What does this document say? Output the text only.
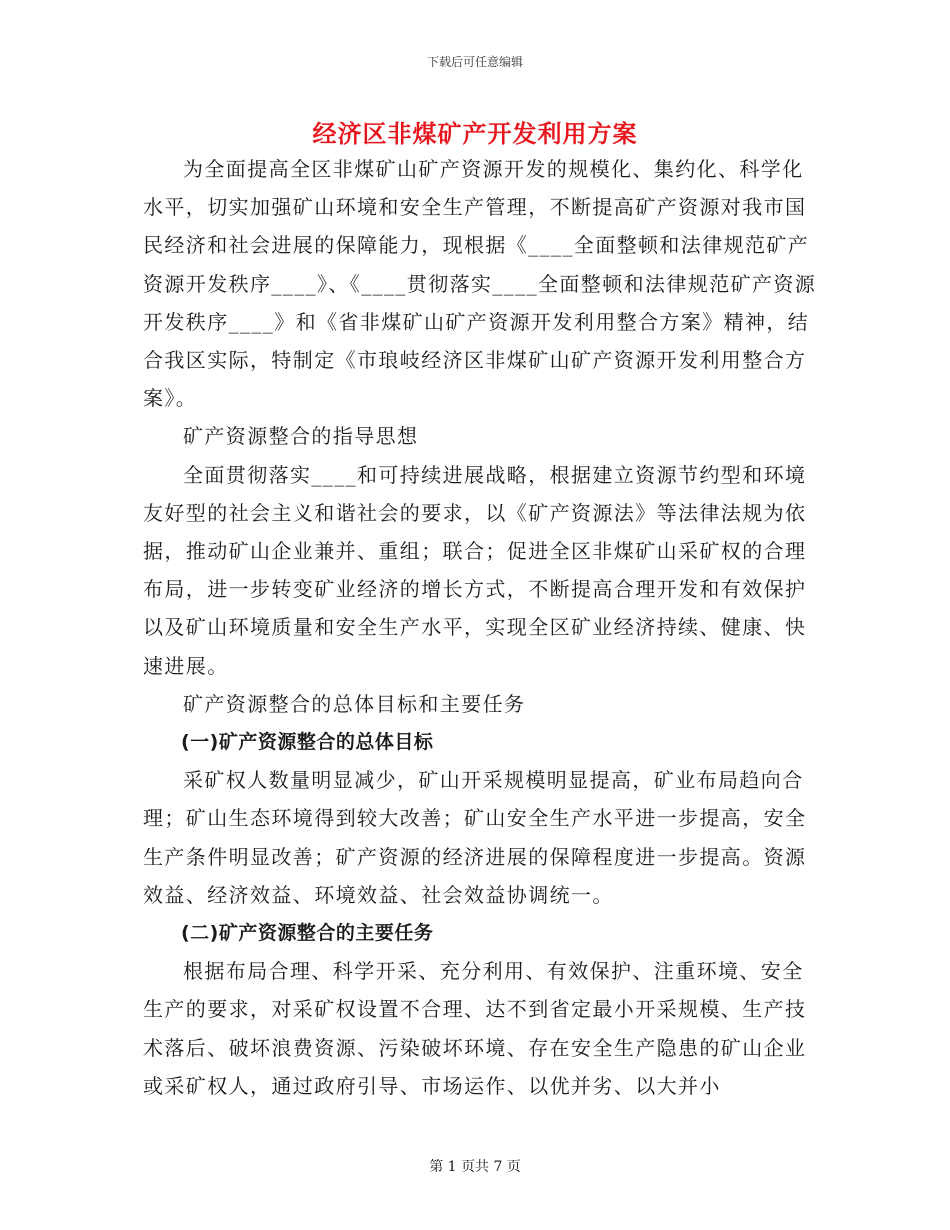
下载后可任意编辑
经济区非煤矿产开发利用方案

为全面提高全区非煤矿山矿产资源开发的规模化、集约化、科学化水平，切实加强矿山环境和安全生产管理，不断提高矿产资源对我市国民经济和社会进展的保障能力，现根据《____全面整顿和法律规范矿产资源开发秩序____》、《____贯彻落实____全面整顿和法律规范矿产资源开发秩序____》和《省非煤矿山矿产资源开发利用整合方案》精神，结合我区实际，特制定《市琅岐经济区非煤矿山矿产资源开发利用整合方案》。

矿产资源整合的指导思想

全面贯彻落实____和可持续进展战略，根据建立资源节约型和环境友好型的社会主义和谐社会的要求，以《矿产资源法》等法律法规为依据，推动矿山企业兼并、重组；联合；促进全区非煤矿山采矿权的合理布局，进一步转变矿业经济的增长方式，不断提高合理开发和有效保护以及矿山环境质量和安全生产水平，实现全区矿业经济持续、健康、快速进展。

矿产资源整合的总体目标和主要任务

(一)矿产资源整合的总体目标

采矿权人数量明显减少，矿山开采规模明显提高，矿业布局趋向合理；矿山生态环境得到较大改善；矿山安全生产水平进一步提高，安全生产条件明显改善；矿产资源的经济进展的保障程度进一步提高。资源效益、经济效益、环境效益、社会效益协调统一。

(二)矿产资源整合的主要任务

根据布局合理、科学开采、充分利用、有效保护、注重环境、安全生产的要求，对采矿权设置不合理、达不到省定最小开采规模、生产技术落后、破坏浪费资源、污染破坏环境、存在安全生产隐患的矿山企业或采矿权人，通过政府引导、市场运作、以优并劣、以大并小

第 1 页共 7 页
